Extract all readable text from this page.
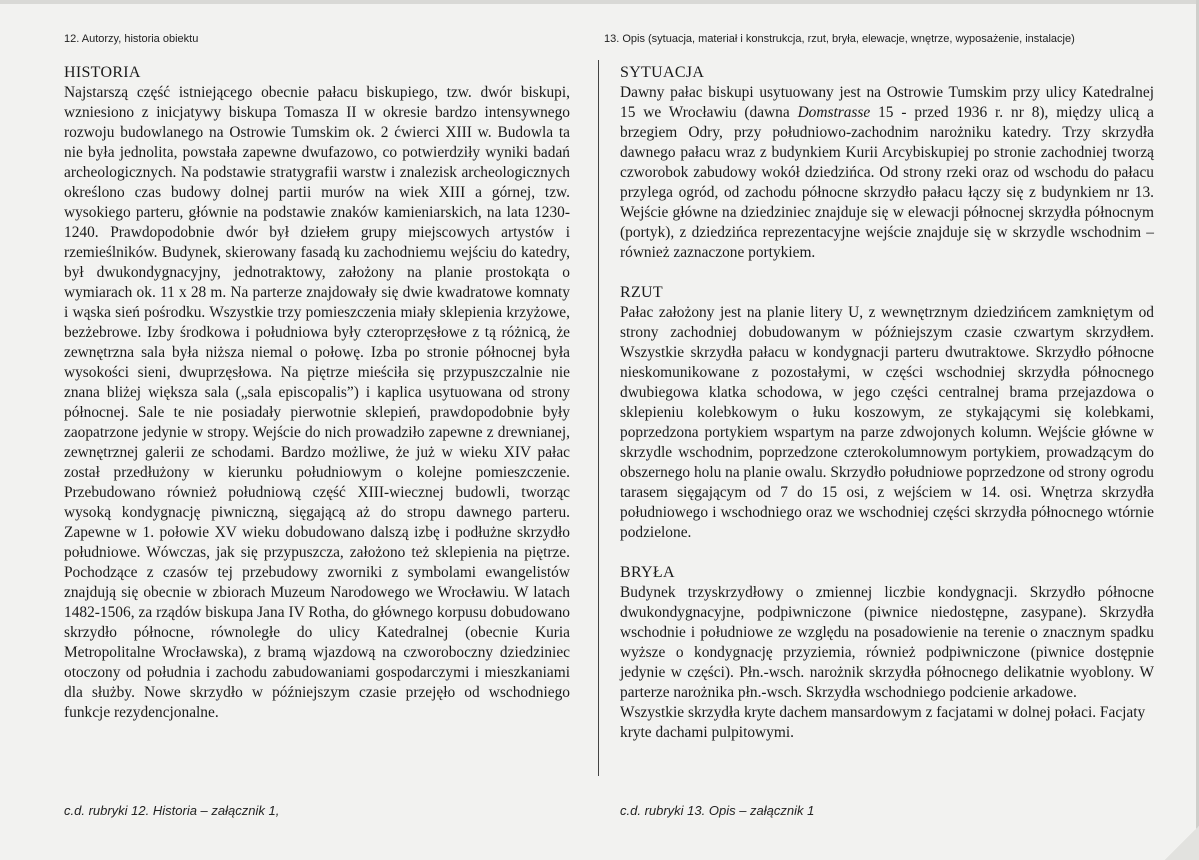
12. Autorzy, historia obiektu	13. Opis (sytuacja, materiał i konstrukcja, rzut, bryła, elewacje, wnętrze, wyposażenie, instalacje)
HISTORIA

Najstarszą część istniejącego obecnie pałacu biskupiego, tzw. dwór biskupi, wzniesiono z inicjatywy biskupa Tomasza II w okresie bardzo intensywnego rozwoju budowlanego na Ostrowie Tumskim ok. 2 ćwierci XIII w. Budowla ta nie była jednolita, powstała zapewne dwufazowo, co potwierdziły wyniki badań archeologicznych. Na podstawie stratygrafii warstw i znalezisk archeologicznych określono czas budowy dolnej partii murów na wiek XIII a górnej, tzw. wysokiego parteru, głównie na podstawie znaków kamieniarskich, na lata 1230-1240. Prawdopodobnie dwór był dziełem grupy miejscowych artystów i rzemieślników. Budynek, skierowany fasadą ku zachodniemu wejściu do katedry, był dwukondygnacyjny, jednotraktowy, założony na planie prostokąta o wymiarach ok. 11 x 28 m. Na parterze znajdowały się dwie kwadratowe komnaty i wąska sień pośrodku. Wszystkie trzy pomieszczenia miały sklepienia krzyżowe, bezżebrowe. Izby środkowa i południowa były czteroprzęsłowe z tą różnicą, że zewnętrzna sala była niższa niemal o połowę. Izba po stronie północnej była wysokości sieni, dwuprzęsłowa. Na piętrze mieściła się przypuszczalnie nie znana bliżej większa sala („sala episcopalis”) i kaplica usytuowana od strony północnej. Sale te nie posiadały pierwotnie sklepień, prawdopodobnie były zaopatrzone jedynie w stropy. Wejście do nich prowadziło zapewne z drewnianej, zewnętrznej galerii ze schodami. Bardzo możliwe, że już w wieku XIV pałac został przedłużony w kierunku południowym o kolejne pomieszczenie. Przebudowano również południową część XIII-wiecznej budowli, tworząc wysoką kondygnację piwniczną, sięgającą aż do stropu dawnego parteru. Zapewne w 1. połowie XV wieku dobudowano dalszą izbę i podłużne skrzydło południowe. Wówczas, jak się przypuszcza, założono też sklepienia na piętrze. Pochodzące z czasów tej przebudowy zworniki z symbolami ewangelistów znajdują się obecnie w zbiorach Muzeum Narodowego we Wrocławiu. W latach 1482-1506, za rządów biskupa Jana IV Rotha, do głównego korpusu dobudowano skrzydło północne, równoległe do ulicy Katedralnej (obecnie Kuria Metropolitalne Wrocławska), z bramą wjazdową na czworoboczny dziedziniec otoczony od południa i zachodu zabudowaniami gospodarczymi i mieszkaniami dla służby. Nowe skrzydło w późniejszym czasie przejęło od wschodniego funkcje rezydencjonalne.

SYTUACJA

Dawny pałac biskupi usytuowany jest na Ostrowie Tumskim przy ulicy Katedralnej 15 we Wrocławiu (dawna Domstrasse 15 - przed 1936 r. nr 8), między ulicą a brzegiem Odry, przy południowo-zachodnim narożniku katedry. Trzy skrzydła dawnego pałacu wraz z budynkiem Kurii Arcybiskupiej po stronie zachodniej tworzą czworobok zabudowy wokół dziedzińca. Od strony rzeki oraz od wschodu do pałacu przylega ogród, od zachodu północne skrzydło pałacu łączy się z budynkiem nr 13. Wejście główne na dziedziniec znajduje się w elewacji północnej skrzydła północnym (portyk), z dziedzińca reprezentacyjne wejście znajduje się w skrzydle wschodnim – również zaznaczone portykiem.

RZUT

Pałac założony jest na planie litery U, z wewnętrznym dziedzińcem zamkniętym od strony zachodniej dobudowanym w późniejszym czasie czwartym skrzydłem. Wszystkie skrzydła pałacu w kondygnacji parteru dwutraktowe. Skrzydło północne nieskomunikowane z pozostałymi, w części wschodniej skrzydła północnego dwubiegowa klatka schodowa, w jego części centralnej brama przejazdowa o sklepieniu kolebkowym o łuku koszowym, ze stykającymi się kolebkami, poprzedzona portykiem wspartym na parze zdwojonych kolumn. Wejście główne w skrzydle wschodnim, poprzedzone czterokolumnowym portykiem, prowadzącym do obszernego holu na planie owalu. Skrzydło południowe poprzedzone od strony ogrodu tarasem sięgającym od 7 do 15 osi, z wejściem w 14. osi. Wnętrza skrzydła południowego i wschodniego oraz we wschodniej części skrzydła północnego wtórnie podzielone.

BRYŁA

Budynek trzyskrzydłowy o zmiennej liczbie kondygnacji. Skrzydło północne dwukondygnacyjne, podpiwniczone (piwnice niedostępne, zasypane). Skrzydła wschodnie i południowe ze względu na posadowienie na terenie o znacznym spadku wyższe o kondygnację przyziemia, również podpiwniczone (piwnice dostępnie jedynie w części). Płn.-wsch. narożnik skrzydła północnego delikatnie wyoblony. W parterze narożnika płn.-wsch. Skrzydła wschodniego podcienie arkadowe.

Wszystkie skrzydła kryte dachem mansardowym z facjatami w dolnej połaci. Facjaty kryte dachami pulpitowymi.

c.d. rubryki 12. Historia – załącznik 1,	c.d. rubryki 13. Opis – załącznik 1
